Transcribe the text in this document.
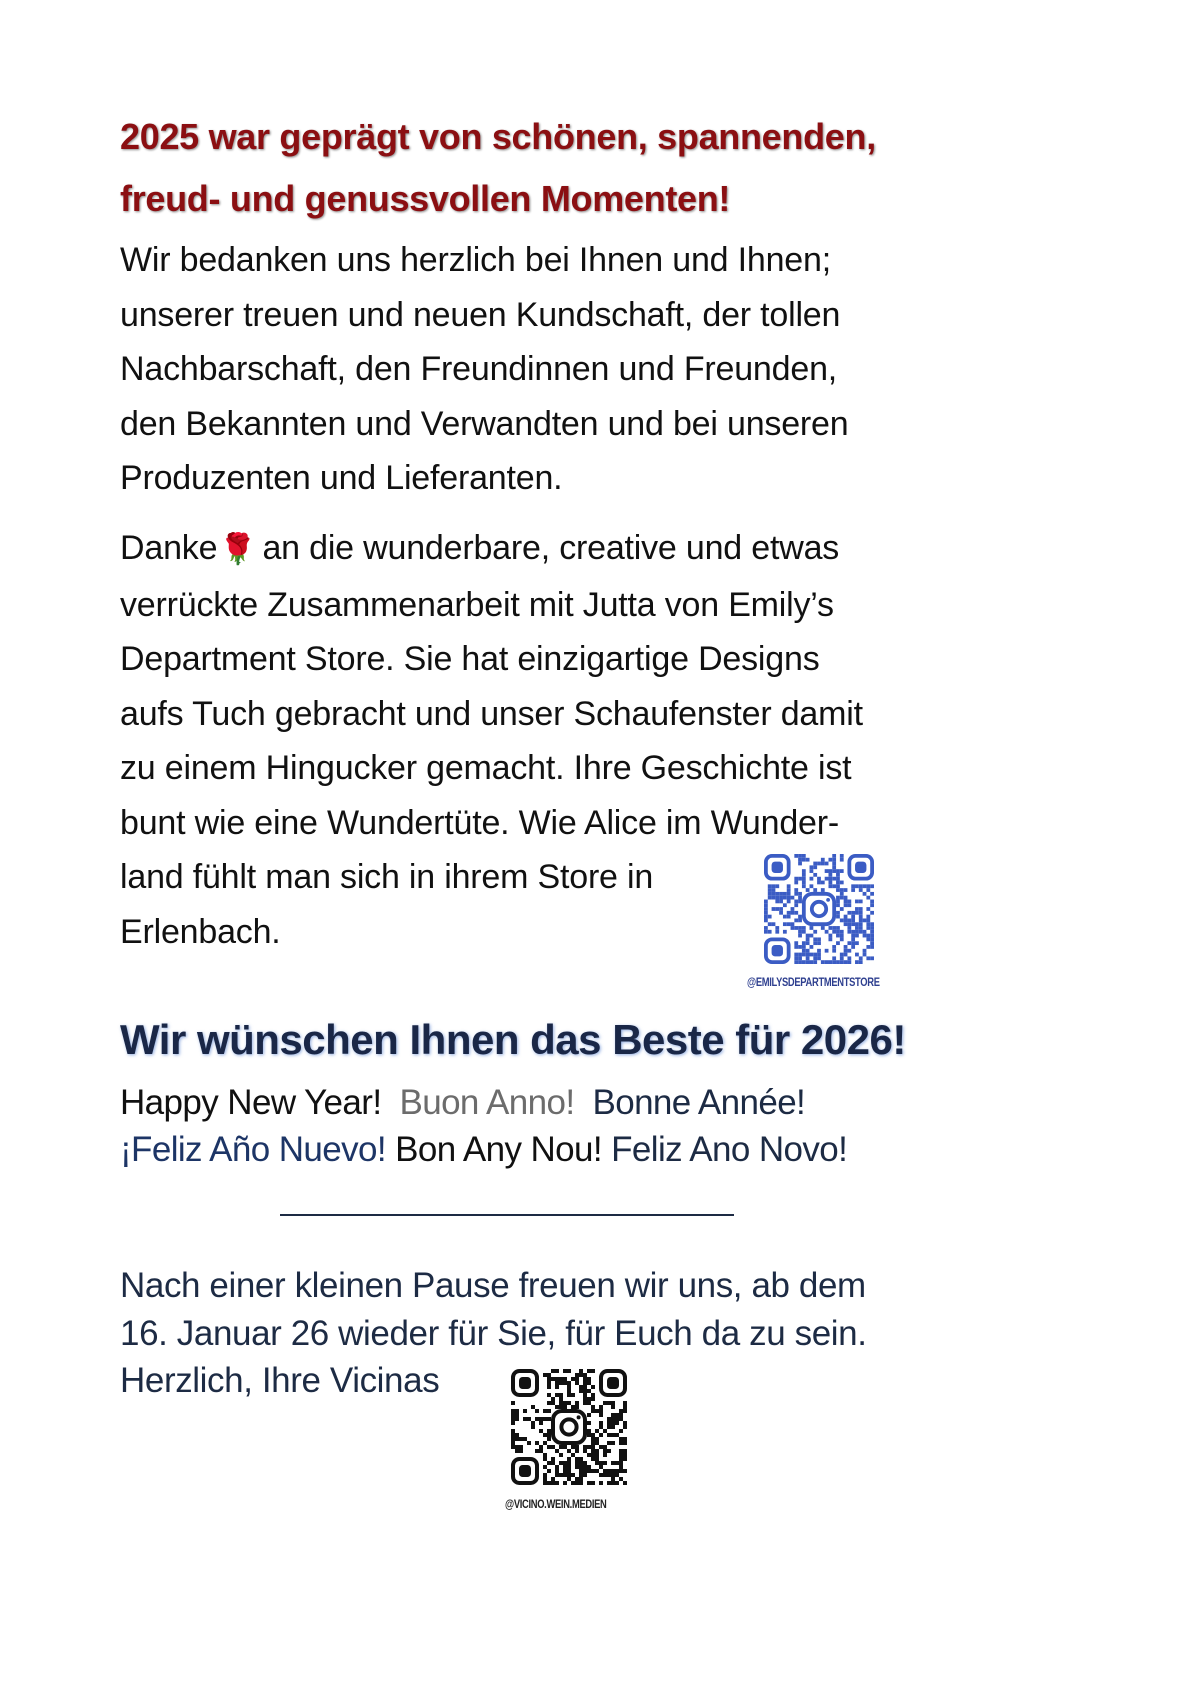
2025 war geprägt von schönen, spannenden,
freud- und genussvollen Momenten!
Wir bedanken uns herzlich bei Ihnen und Ihnen;
unserer treuen und neuen Kundschaft, der tollen
Nachbarschaft, den Freundinnen und Freunden,
den Bekannten und Verwandten und bei unseren
Produzenten und Lieferanten.
Danke🌹 an die wunderbare, creative und etwas
verrückte Zusammenarbeit mit Jutta von Emily’s
Department Store. Sie hat einzigartige Designs
aufs Tuch gebracht und unser Schaufenster damit
zu einem Hingucker gemacht. Ihre Geschichte ist
bunt wie eine Wundertüte. Wie Alice im Wunder-
land fühlt man sich in ihrem Store in
Erlenbach.
@EMILYSDEPARTMENTSTORE
Wir wünschen Ihnen das Beste für 2026!
Happy New Year! Buon Anno! Bonne Année!
¡Feliz Año Nuevo! Bon Any Nou! Feliz Ano Novo!
Nach einer kleinen Pause freuen wir uns, ab dem
16. Januar 26 wieder für Sie, für Euch da zu sein.
Herzlich, Ihre Vicinas
@VICINO.WEIN.MEDIEN
